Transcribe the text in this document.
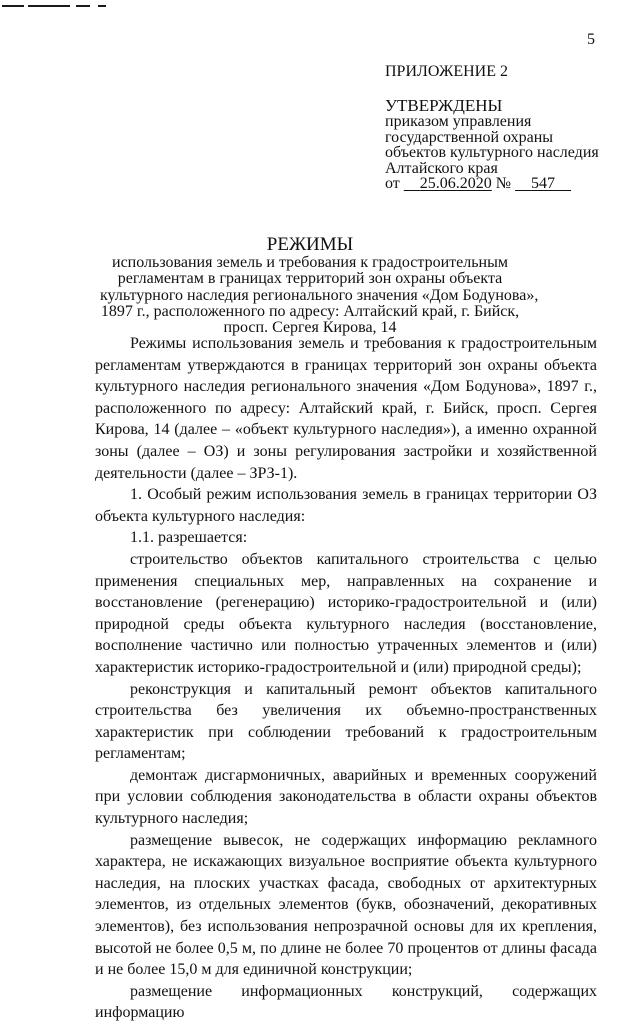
5
ПРИЛОЖЕНИЕ 2
УТВЕРЖДЕНЫ
приказом управления
государственной охраны
объектов культурного наследия
Алтайского края
от 25.06.2020 № 547
РЕЖИМЫ
использования земель и требования к градостроительным
регламентам в границах территорий зон охраны объекта
культурного наследия регионального значения «Дом Бодунова»,
1897 г., расположенного по адресу: Алтайский край, г. Бийск,
просп. Сергея Кирова, 14

Режимы использования земель и требования к градостроительным регламентам утверждаются в границах территорий зон охраны объекта культурного наследия регионального значения «Дом Бодунова», 1897 г., расположенного по адресу: Алтайский край, г. Бийск, просп. Сергея Кирова, 14 (далее – «объект культурного наследия»), а именно охранной зоны (далее – ОЗ) и зоны регулирования застройки и хозяйственной деятельности (далее – ЗРЗ-1).

1. Особый режим использования земель в границах территории ОЗ объекта культурного наследия:

1.1. разрешается:

строительство объектов капитального строительства с целью применения специальных мер, направленных на сохранение и восстановление (регенерацию) историко-градостроительной и (или) природной среды объекта культурного наследия (восстановление, восполнение частично или полностью утраченных элементов и (или) характеристик историко-градостроительной и (или) природной среды);

реконструкция и капитальный ремонт объектов капитального строительства без увеличения их объемно-пространственных характеристик при соблюдении требований к градостроительным регламентам;

демонтаж дисгармоничных, аварийных и временных сооружений при условии соблюдения законодательства в области охраны объектов культурного наследия;

размещение вывесок, не содержащих информацию рекламного характера, не искажающих визуальное восприятие объекта культурного наследия, на плоских участках фасада, свободных от архитектурных элементов, из отдельных элементов (букв, обозначений, декоративных элементов), без использования непрозрачной основы для их крепления, высотой не более 0,5 м, по длине не более 70 процентов от длины фасада и не более 15,0 м для единичной конструкции;

размещение информационных конструкций, содержащих информацию
